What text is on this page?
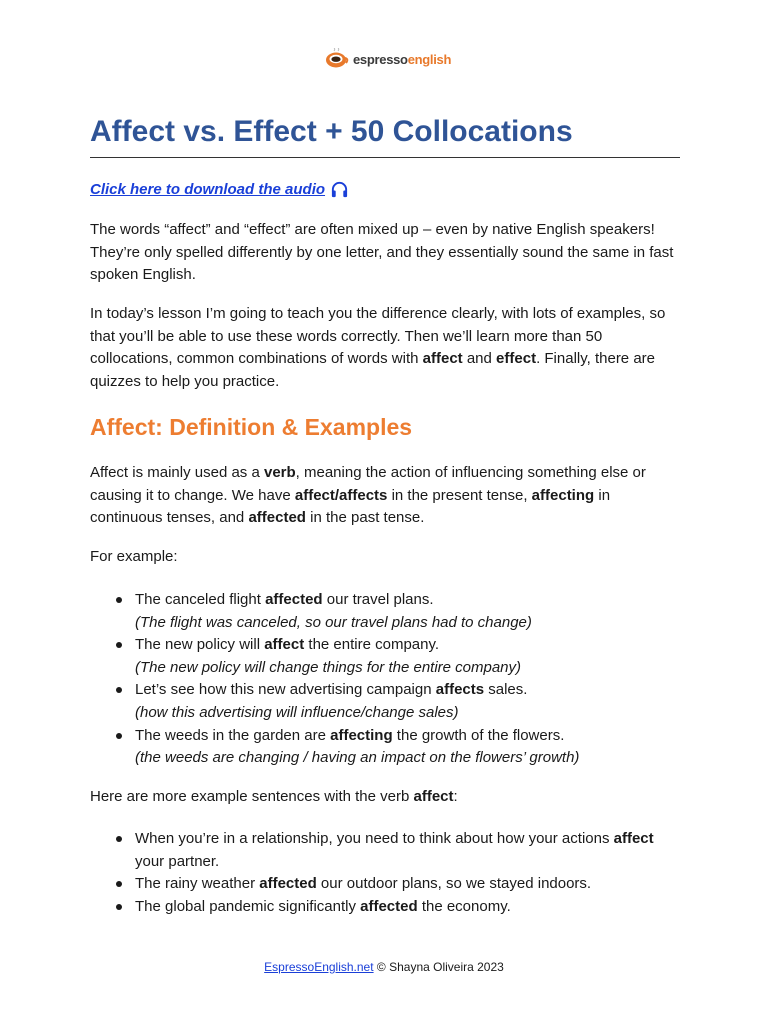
espressoenglish
Affect vs. Effect + 50 Collocations
Click here to download the audio

The words “affect” and “effect” are often mixed up – even by native English speakers! They’re only spelled differently by one letter, and they essentially sound the same in fast spoken English.

In today’s lesson I’m going to teach you the difference clearly, with lots of examples, so that you’ll be able to use these words correctly. Then we’ll learn more than 50 collocations, common combinations of words with affect and effect. Finally, there are quizzes to help you practice.

Affect: Definition & Examples

Affect is mainly used as a verb, meaning the action of influencing something else or causing it to change. We have affect/affects in the present tense, affecting in continuous tenses, and affected in the past tense.

For example:

The canceled flight affected our travel plans.
(The flight was canceled, so our travel plans had to change)
The new policy will affect the entire company.
(The new policy will change things for the entire company)
Let’s see how this new advertising campaign affects sales.
(how this advertising will influence/change sales)
The weeds in the garden are affecting the growth of the flowers.
(the weeds are changing / having an impact on the flowers’ growth)

Here are more example sentences with the verb affect:

When you’re in a relationship, you need to think about how your actions affect your partner.
The rainy weather affected our outdoor plans, so we stayed indoors.
The global pandemic significantly affected the economy.
EspressoEnglish.net © Shayna Oliveira 2023
